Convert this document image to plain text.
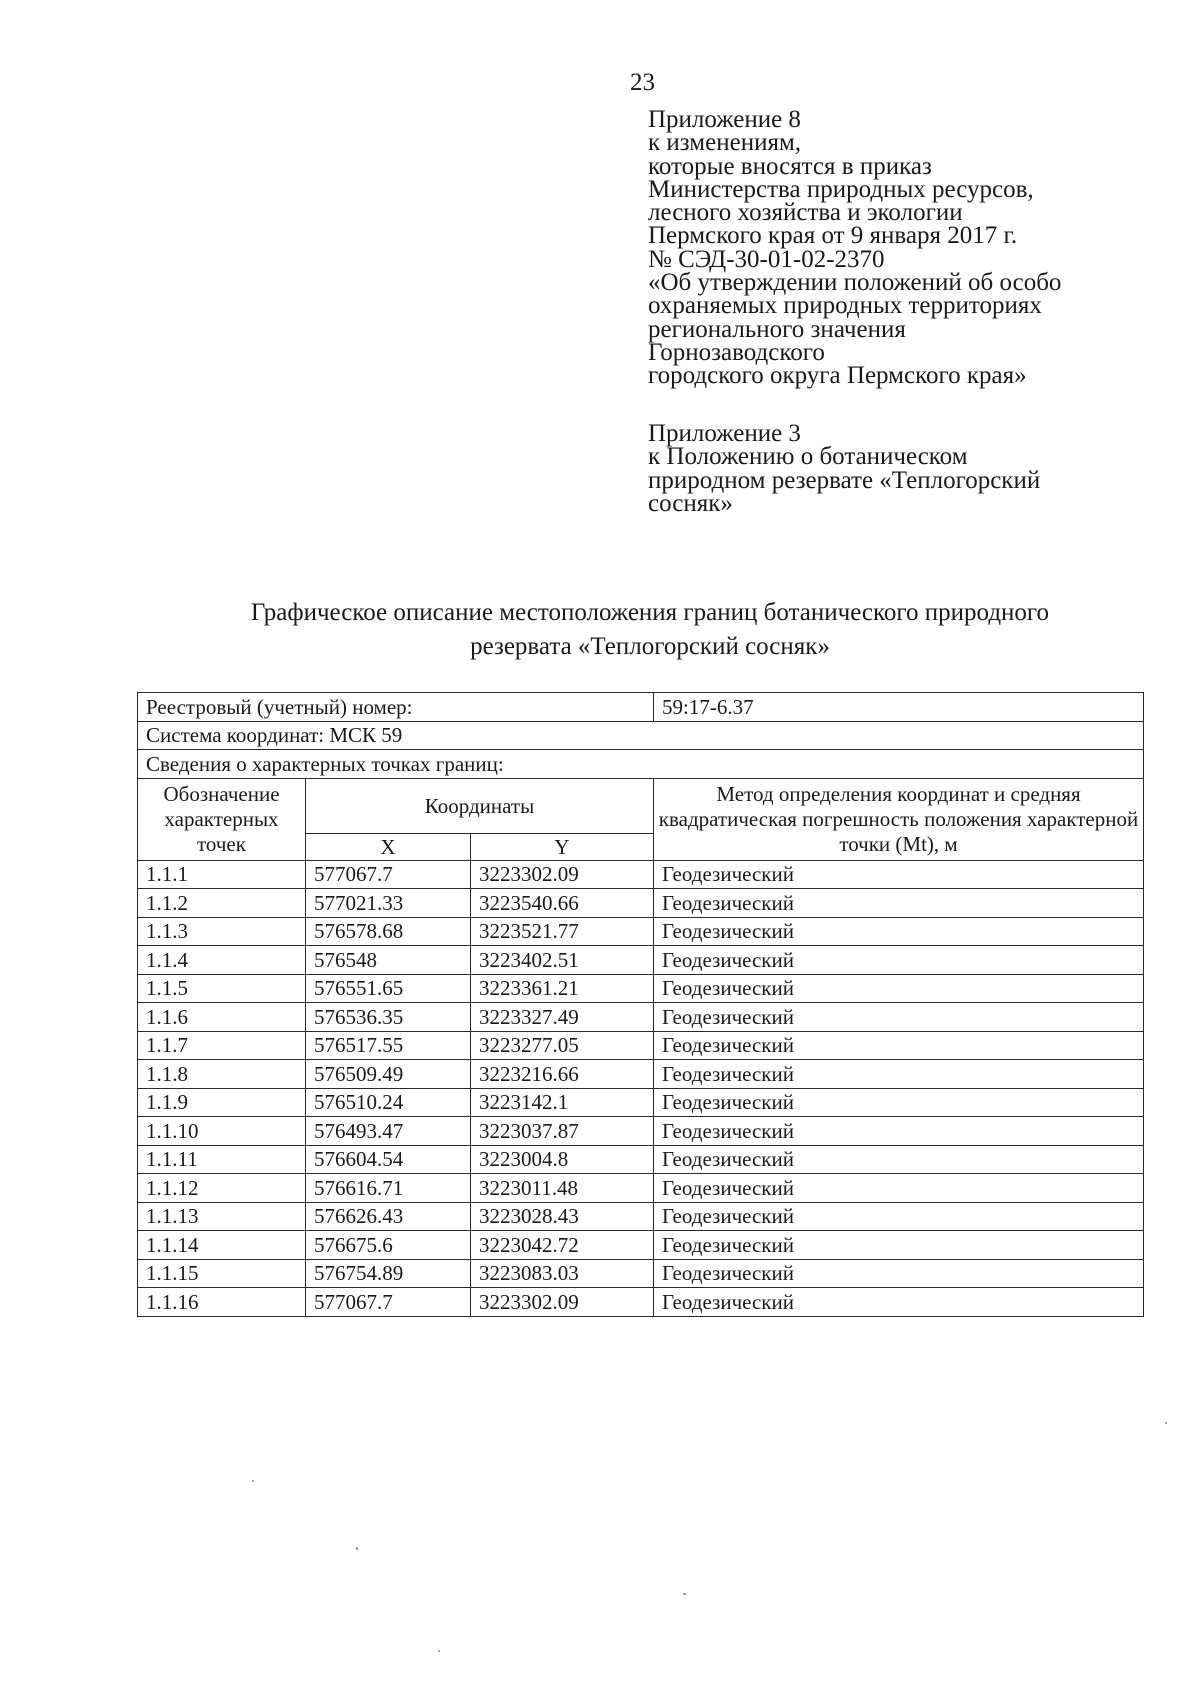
23
Приложение 8
к изменениям,
которые вносятся в приказ
Министерства природных ресурсов,
лесного хозяйства и экологии
Пермского края от 9 января 2017 г.
№ СЭД-30-01-02-2370
«Об утверждении положений об особо
охраняемых природных территориях
регионального значения
Горнозаводского
городского округа Пермского края»
Приложение 3
к Положению о ботаническом
природном резервате «Теплогорский
сосняк»
Графическое описание местоположения границ ботанического природного
резервата «Теплогорский сосняк»
Реестровый (учетный) номер:			59:17-6.37
Система координат: МСК 59			
Сведения о характерных точках границ:			
Обозначение характерных точек	Координаты		Метод определения координат и средняя квадратическая погрешность положения характерной точки (Mt), м
	X	Y	
1.1.1	577067.7	3223302.09	Геодезический
1.1.2	577021.33	3223540.66	Геодезический
1.1.3	576578.68	3223521.77	Геодезический
1.1.4	576548	3223402.51	Геодезический
1.1.5	576551.65	3223361.21	Геодезический
1.1.6	576536.35	3223327.49	Геодезический
1.1.7	576517.55	3223277.05	Геодезический
1.1.8	576509.49	3223216.66	Геодезический
1.1.9	576510.24	3223142.1	Геодезический
1.1.10	576493.47	3223037.87	Геодезический
1.1.11	576604.54	3223004.8	Геодезический
1.1.12	576616.71	3223011.48	Геодезический
1.1.13	576626.43	3223028.43	Геодезический
1.1.14	576675.6	3223042.72	Геодезический
1.1.15	576754.89	3223083.03	Геодезический
1.1.16	577067.7	3223302.09	Геодезический
